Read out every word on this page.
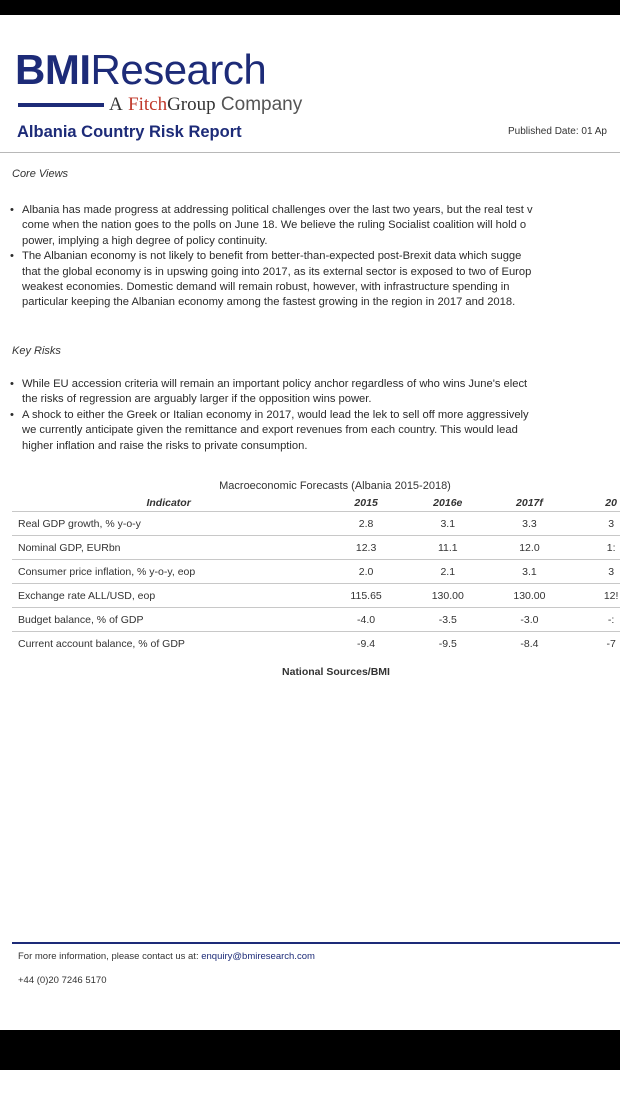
BMIResearch
A FitchGroup Company
Albania Country Risk Report	Published Date: 01 Ap
Core Views
• Albania has made progress at addressing political challenges over the last two years, but the real test v
come when the nation goes to the polls on June 18. We believe the ruling Socialist coalition will hold o
power, implying a high degree of policy continuity.
• The Albanian economy is not likely to benefit from better-than-expected post-Brexit data which sugge
that the global economy is in upswing going into 2017, as its external sector is exposed to two of Europ
weakest economies. Domestic demand will remain robust, however, with infrastructure spending in
particular keeping the Albanian economy among the fastest growing in the region in 2017 and 2018.
Key Risks
• While EU accession criteria will remain an important policy anchor regardless of who wins June's elect
the risks of regression are arguably larger if the opposition wins power.
• A shock to either the Greek or Italian economy in 2017, would lead the lek to sell off more aggressively
we currently anticipate given the remittance and export revenues from each country. This would lead
higher inflation and raise the risks to private consumption.
Macroeconomic Forecasts (Albania 2015-2018)
Indicator	2015	2016e	2017f	20
Real GDP growth, % y-o-y	2.8	3.1	3.3	3
Nominal GDP, EURbn	12.3	11.1	12.0	1:
Consumer price inflation, % y-o-y, eop	2.0	2.1	3.1	3
Exchange rate ALL/USD, eop	115.65	130.00	130.00	12!
Budget balance, % of GDP	-4.0	-3.5	-3.0	-:
Current account balance, % of GDP	-9.4	-9.5	-8.4	-7
National Sources/BMI
For more information, please contact us at: enquiry@bmiresearch.com
+44 (0)20 7246 5170
